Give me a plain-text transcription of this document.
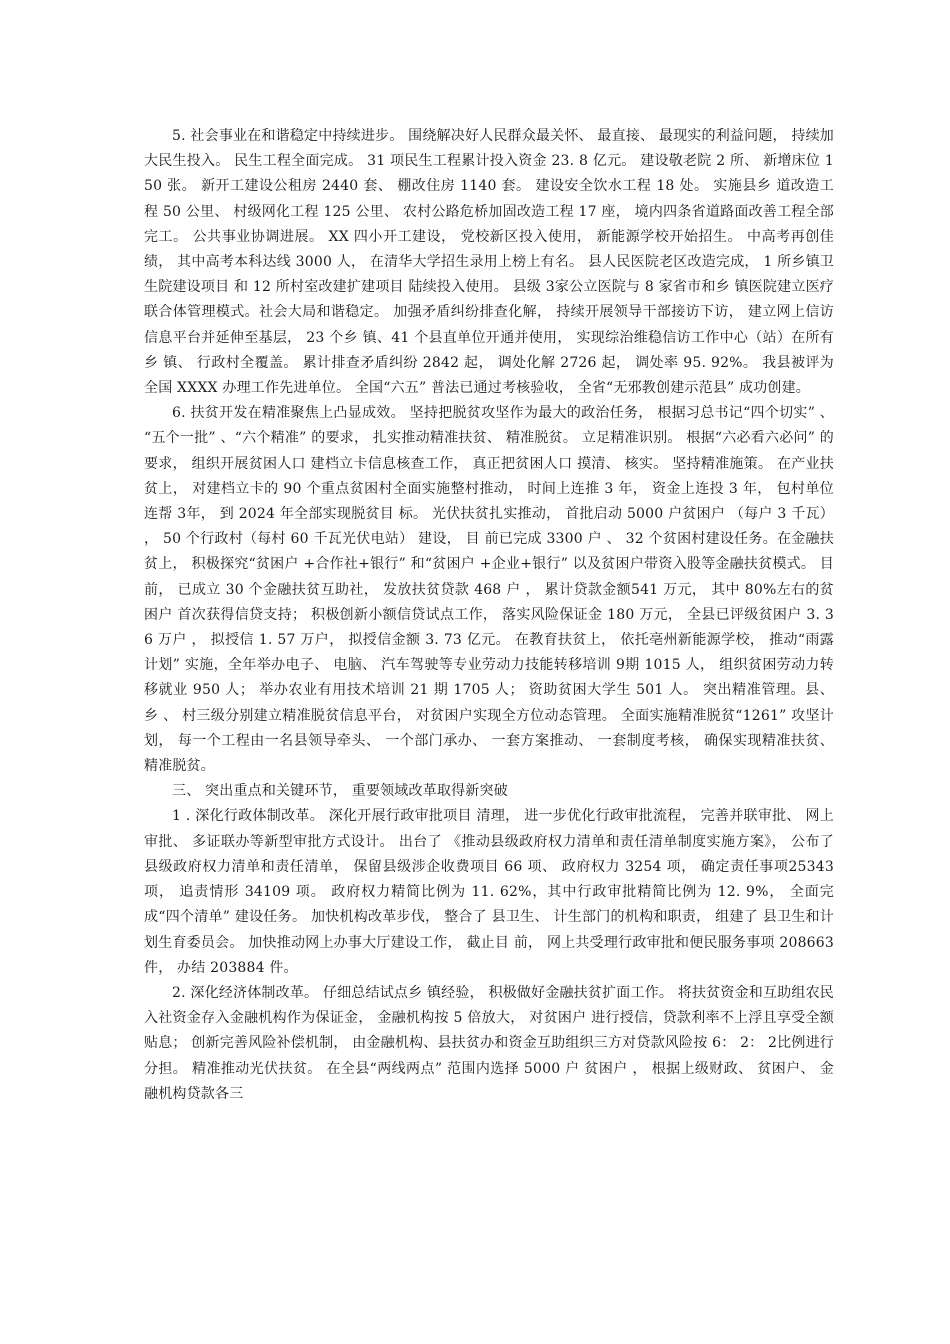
5. 社会事业在和谐稳定中持续进步。 围绕解决好人民群众最关怀、 最直接、 最现实的利益问题， 持续加大民生投入。 民生工程全面完成。 31 项民生工程累计投入资金 23. 8 亿元。 建设敬老院 2 所、 新增床位 150 张。 新开工建设公租房 2440 套、 棚改住房 1140 套。 建设安全饮水工程 18 处。 实施县乡 道改造工程 50 公里、 村级网化工程 125 公里、 农村公路危桥加固改造工程 17 座， 境内四条省道路面改善工程全部完工。 公共事业协调进展。 XX 四小开工建设， 党校新区投入使用， 新能源学校开始招生。 中高考再创佳绩， 其中高考本科达线 3000 人， 在清华大学招生录用上榜上有名。 县人民医院老区改造完成， 1 所乡镇卫生院建设项目 和 12 所村室改建扩建项目 陆续投入使用。 县级 3家公立医院与 8 家省市和乡 镇医院建立医疗联合体管理模式。社会大局和谐稳定。 加强矛盾纠纷排查化解， 持续开展领导干部接访下访， 建立网上信访信息平台并延伸至基层， 23 个乡 镇、41 个县直单位开通并使用， 实现综治维稳信访工作中心（站）在所有乡 镇、 行政村全覆盖。 累计排查矛盾纠纷 2842 起， 调处化解 2726 起， 调处率 95. 92%。 我县被评为全国 XXXX 办理工作先进单位。 全国“六五” 普法已通过考核验收， 全省“无邪教创建示范县” 成功创建。

6. 扶贫开发在精准聚焦上凸显成效。 坚持把脱贫攻坚作为最大的政治任务， 根据习总书记“四个切实” 、 “五个一批” 、“六个精准” 的要求， 扎实推动精准扶贫、 精准脱贫。 立足精准识别。 根据“六必看六必问” 的要求， 组织开展贫困人口 建档立卡信息核查工作， 真正把贫困人口 摸清、 核实。 坚持精准施策。 在产业扶贫上， 对建档立卡的 90 个重点贫困村全面实施整村推动， 时间上连推 3 年， 资金上连投 3 年， 包村单位连帮 3年， 到 2024 年全部实现脱贫目 标。 光伏扶贫扎实推动， 首批启动 5000 户贫困户 （每户 3 千瓦） ， 50 个行政村（每村 60 千瓦光伏电站） 建设， 目 前已完成 3300 户 、 32 个贫困村建设任务。在金融扶贫上， 积极探究“贫困户 +合作社+银行” 和“贫困户 +企业+银行” 以及贫困户带资入股等金融扶贫模式。 目 前， 已成立 30 个金融扶贫互助社， 发放扶贫贷款 468 户 ， 累计贷款金额541 万元， 其中 80%左右的贫困户 首次获得信贷支持； 积极创新小额信贷试点工作， 落实风险保证金 180 万元， 全县已评级贫困户 3. 36 万户 ， 拟授信 1. 57 万户， 拟授信金额 3. 73 亿元。 在教育扶贫上， 依托亳州新能源学校， 推动“雨露计划” 实施，全年举办电子、 电脑、 汽车驾驶等专业劳动力技能转移培训 9期 1015 人， 组织贫困劳动力转移就业 950 人； 举办农业有用技术培训 21 期 1705 人； 资助贫困大学生 501 人。 突出精准管理。县、 乡 、 村三级分别建立精准脱贫信息平台， 对贫困户实现全方位动态管理。 全面实施精准脱贫“1261” 攻坚计划， 每一个工程由一名县领导牵头、 一个部门承办、 一套方案推动、 一套制度考核， 确保实现精准扶贫、 精准脱贫。

三、 突出重点和关键环节， 重要领域改革取得新突破

1 . 深化行政体制改革。 深化开展行政审批项目 清理， 进一步优化行政审批流程， 完善并联审批、 网上审批、 多证联办等新型审批方式设计。 出台了 《推动县级政府权力清单和责任清单制度实施方案》， 公布了 县级政府权力清单和责任清单， 保留县级涉企收费项目 66 项、 政府权力 3254 项， 确定责任事项25343 项， 追责情形 34109 项。 政府权力精简比例为 11. 62%，其中行政审批精简比例为 12. 9%， 全面完成“四个清单” 建设任务。 加快机构改革步伐， 整合了 县卫生、 计生部门的机构和职责， 组建了 县卫生和计划生育委员会。 加快推动网上办事大厅建设工作， 截止目 前， 网上共受理行政审批和便民服务事项 208663 件， 办结 203884 件。

2. 深化经济体制改革。 仔细总结试点乡 镇经验， 积极做好金融扶贫扩面工作。 将扶贫资金和互助组农民入社资金存入金融机构作为保证金， 金融机构按 5 倍放大， 对贫困户 进行授信，贷款利率不上浮且享受全额贴息； 创新完善风险补偿机制， 由金融机构、县扶贫办和资金互助组织三方对贷款风险按 6： 2： 2比例进行分担。 精准推动光伏扶贫。 在全县“两线两点” 范围内选择 5000 户 贫困户 ， 根据上级财政、 贫困户、 金融机构贷款各三
